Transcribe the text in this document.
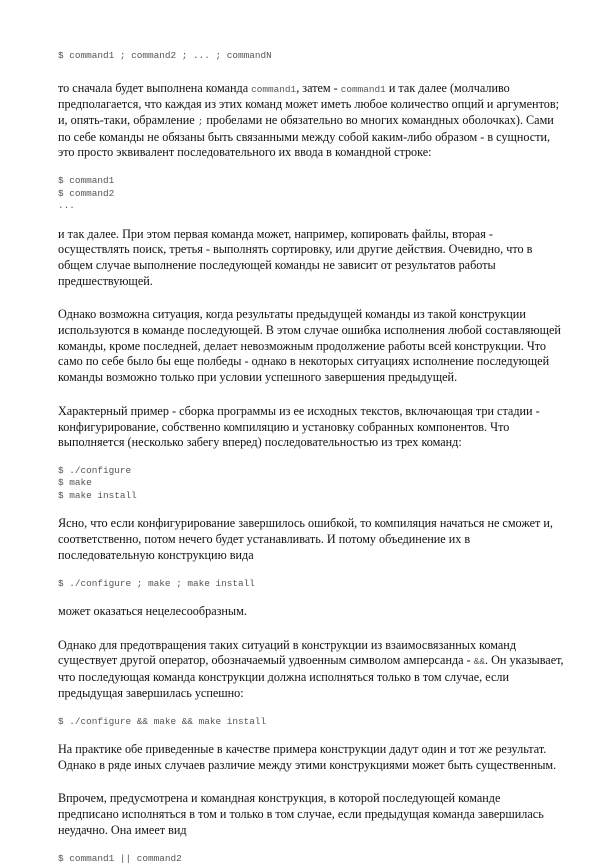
$ command1 ; command2 ; ... ; commandN

то сначала будет выполнена команда command1, затем - command1 и так далее (молчаливо предполагается, что каждая из этих команд может иметь любое количество опций и аргументов; и, опять-таки, обрамление ; пробелами не обязательно во многих командных оболочках). Сами по себе команды не обязаны быть связанными между собой каким-либо образом - в сущности, это просто эквивалент последовательного их ввода в командной строке:

$ command1
$ command2
...

и так далее. При этом первая команда может, например, копировать файлы, вторая - осуществлять поиск, третья - выполнять сортировку, или другие действия. Очевидно, что в общем случае выполнение последующей команды не зависит от результатов работы предшествующей.

Однако возможна ситуация, когда результаты предыдущей команды из такой конструкции используются в команде последующей. В этом случае ошибка исполнения любой составляющей команды, кроме последней, делает невозможным продолжение работы всей конструкции. Что само по себе было бы еще полбеды - однако в некоторых ситуациях исполнение последующей команды возможно только при условии успешного завершения предыдущей.

Характерный пример - сборка программы из ее исходных текстов, включающая три стадии - конфигурирование, собственно компиляцию и установку собранных компонентов. Что выполняется (несколько забегу вперед) последовательностью из трех команд:

$ ./configure
$ make
$ make install

Ясно, что если конфигурирование завершилось ошибкой, то компиляция начаться не сможет и, соответственно, потом нечего будет устанавливать. И потому объединение их в последовательную конструкцию вида

$ ./configure ; make ; make install

может оказаться нецелесообразным.

Однако для предотвращения таких ситуаций в конструкции из взаимосвязанных команд существует другой оператор, обозначаемый удвоенным символом амперсанда - &&. Он указывает, что последующая команда конструкции должна исполняться только в том случае, если предыдущая завершилась успешно:

$ ./configure && make && make install

На практике обе приведенные в качестве примера конструкции дадут один и тот же результат. Однако в ряде иных случаев различие между этими конструкциями может быть существенным.

Впрочем, предусмотрена и командная конструкция, в которой последующей команде предписано исполняться в том и только в том случае, если предыдущая команда завершилась неудачно. Она имеет вид

$ command1 || command2
